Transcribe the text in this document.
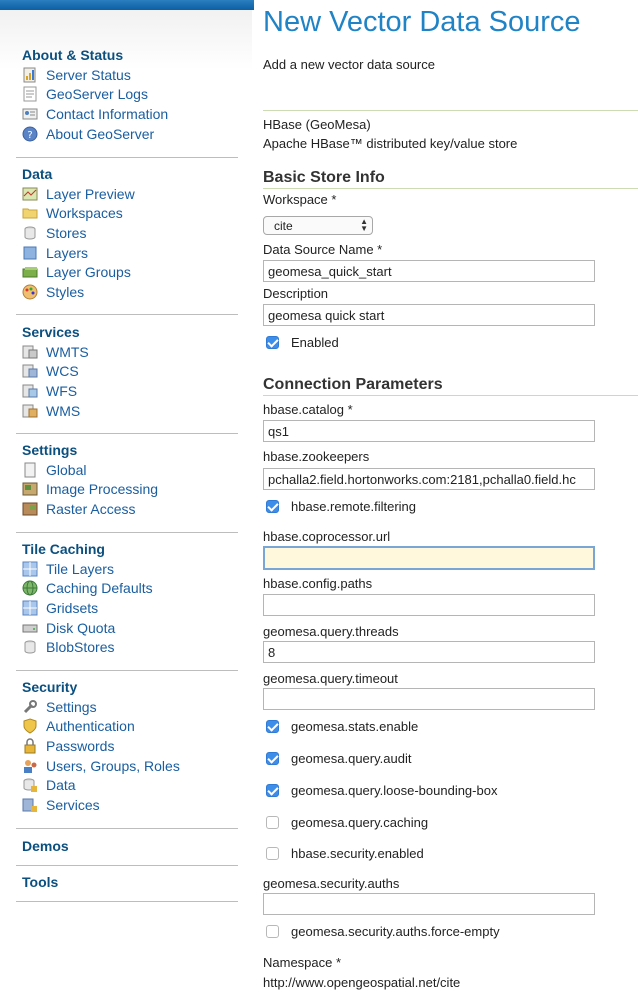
About & Status
Server Status
GeoServer Logs
Contact Information
? About GeoServer
Data
Layer Preview
Workspaces
Stores
Layers
Layer Groups
Styles
Services
WMTS
WCS
WFS
WMS
Settings
Global
Image Processing
Raster Access
Tile Caching
Tile Layers
Caching Defaults
Gridsets
Disk Quota
BlobStores
Security
Settings
Authentication
Passwords
Users, Groups, Roles
Data
Services
Demos
Tools
New Vector Data Source
Add a new vector data source
HBase (GeoMesa)
Apache HBase™ distributed key/value store
Basic Store Info
Workspace *
cite	▲
▼
Data Source Name *
geomesa_quick_start
Description
geomesa quick start
Enabled
Connection Parameters
hbase.catalog *
qs1
hbase.zookeepers
pchalla2.field.hortonworks.com:2181,pchalla0.field.hc
hbase.remote.filtering
hbase.coprocessor.url
hbase.config.paths
geomesa.query.threads
8
geomesa.query.timeout
geomesa.stats.enable
geomesa.query.audit
geomesa.query.loose-bounding-box
geomesa.query.caching
hbase.security.enabled
geomesa.security.auths
geomesa.security.auths.force-empty
Namespace *
http://www.opengeospatial.net/cite
